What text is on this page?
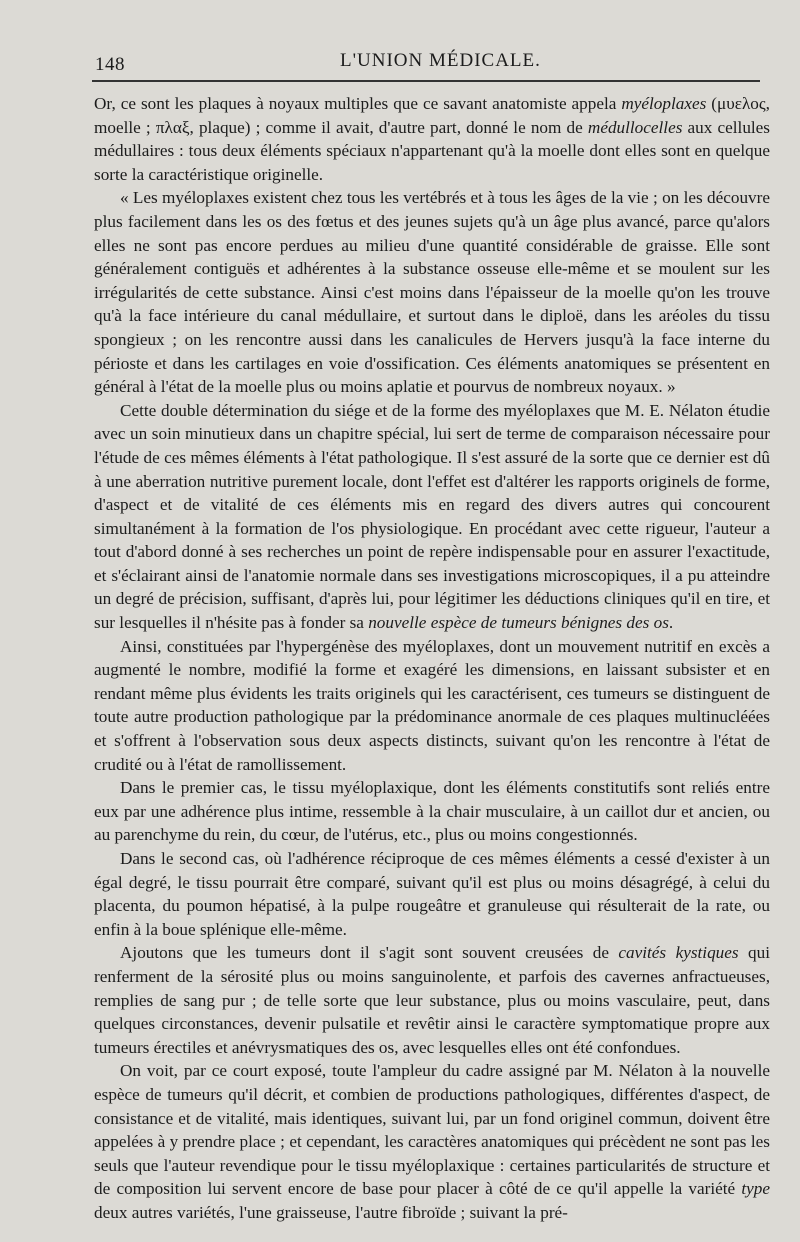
148	L'UNION MÉDICALE.

Or, ce sont les plaques à noyaux multiples que ce savant anatomiste appela myéloplaxes (μυελος, moelle ; πλαξ, plaque) ; comme il avait, d'autre part, donné le nom de médullocelles aux cellules médullaires : tous deux éléments spéciaux n'appartenant qu'à la moelle dont elles sont en quelque sorte la caractéristique originelle.

« Les myéloplaxes existent chez tous les vertébrés et à tous les âges de la vie ; on les découvre plus facilement dans les os des fœtus et des jeunes sujets qu'à un âge plus avancé, parce qu'alors elles ne sont pas encore perdues au milieu d'une quantité considérable de graisse. Elle sont généralement contiguës et adhérentes à la substance osseuse elle-même et se moulent sur les irrégularités de cette substance. Ainsi c'est moins dans l'épaisseur de la moelle qu'on les trouve qu'à la face intérieure du canal médullaire, et surtout dans le diploë, dans les aréoles du tissu spongieux ; on les rencontre aussi dans les canalicules de Hervers jusqu'à la face interne du périoste et dans les cartilages en voie d'ossification. Ces éléments anatomiques se présentent en général à l'état de la moelle plus ou moins aplatie et pourvus de nombreux noyaux. »

Cette double détermination du siége et de la forme des myéloplaxes que M. E. Nélaton étudie avec un soin minutieux dans un chapitre spécial, lui sert de terme de comparaison nécessaire pour l'étude de ces mêmes éléments à l'état pathologique. Il s'est assuré de la sorte que ce dernier est dû à une aberration nutritive purement locale, dont l'effet est d'altérer les rapports originels de forme, d'aspect et de vitalité de ces éléments mis en regard des divers autres qui concourent simultanément à la formation de l'os physiologique. En procédant avec cette rigueur, l'auteur a tout d'abord donné à ses recherches un point de repère indispensable pour en assurer l'exactitude, et s'éclairant ainsi de l'anatomie normale dans ses investigations microscopiques, il a pu atteindre un degré de précision, suffisant, d'après lui, pour légitimer les déductions cliniques qu'il en tire, et sur lesquelles il n'hésite pas à fonder sa nouvelle espèce de tumeurs bénignes des os.

Ainsi, constituées par l'hypergénèse des myéloplaxes, dont un mouvement nutritif en excès a augmenté le nombre, modifié la forme et exagéré les dimensions, en laissant subsister et en rendant même plus évidents les traits originels qui les caractérisent, ces tumeurs se distinguent de toute autre production pathologique par la prédominance anormale de ces plaques multinucléées et s'offrent à l'observation sous deux aspects distincts, suivant qu'on les rencontre à l'état de crudité ou à l'état de ramollissement.

Dans le premier cas, le tissu myéloplaxique, dont les éléments constitutifs sont reliés entre eux par une adhérence plus intime, ressemble à la chair musculaire, à un caillot dur et ancien, ou au parenchyme du rein, du cœur, de l'utérus, etc., plus ou moins congestionnés.

Dans le second cas, où l'adhérence réciproque de ces mêmes éléments a cessé d'exister à un égal degré, le tissu pourrait être comparé, suivant qu'il est plus ou moins désagrégé, à celui du placenta, du poumon hépatisé, à la pulpe rougeâtre et granuleuse qui résulterait de la rate, ou enfin à la boue splénique elle-même.

Ajoutons que les tumeurs dont il s'agit sont souvent creusées de cavités kystiques qui renferment de la sérosité plus ou moins sanguinolente, et parfois des cavernes anfractueuses, remplies de sang pur ; de telle sorte que leur substance, plus ou moins vasculaire, peut, dans quelques circonstances, devenir pulsatile et revêtir ainsi le caractère symptomatique propre aux tumeurs érectiles et anévrysmatiques des os, avec lesquelles elles ont été confondues.

On voit, par ce court exposé, toute l'ampleur du cadre assigné par M. Nélaton à la nouvelle espèce de tumeurs qu'il décrit, et combien de productions pathologiques, différentes d'aspect, de consistance et de vitalité, mais identiques, suivant lui, par un fond originel commun, doivent être appelées à y prendre place ; et cependant, les caractères anatomiques qui précèdent ne sont pas les seuls que l'auteur revendique pour le tissu myéloplaxique : certaines particularités de structure et de composition lui servent encore de base pour placer à côté de ce qu'il appelle la variété type deux autres variétés, l'une graisseuse, l'autre fibroïde ; suivant la pré-
